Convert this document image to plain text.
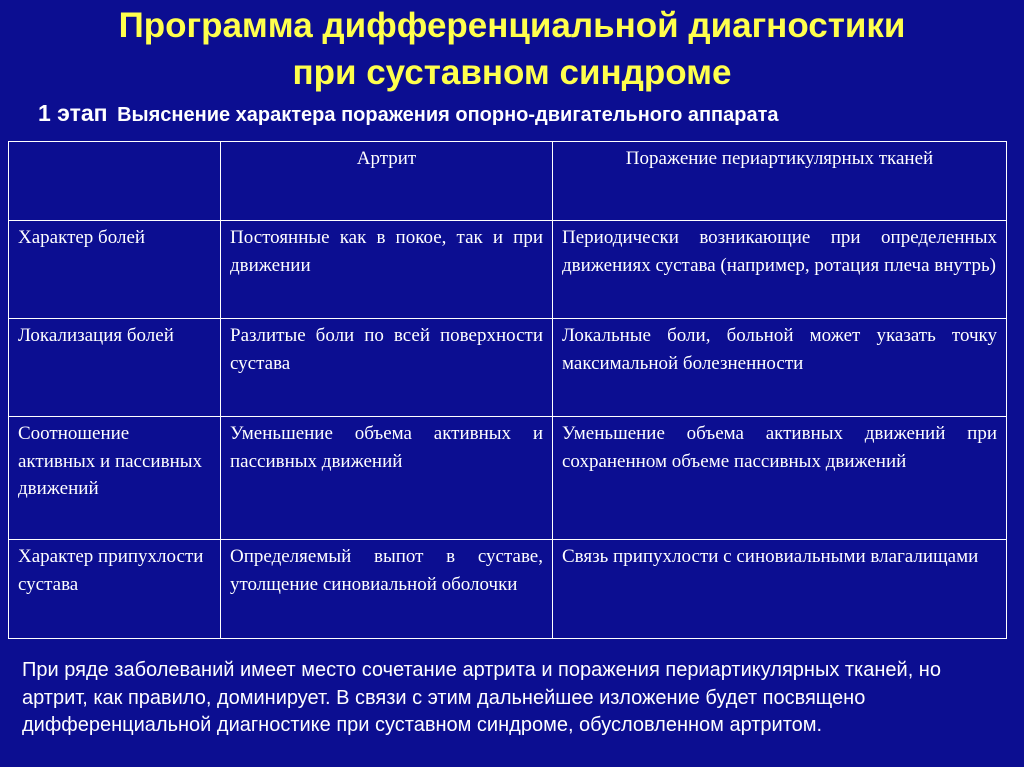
Программа дифференциальной диагностики
при суставном синдроме

1 этап Выяснение характера поражения опорно-двигательного аппарата

	Артрит	Поражение периартикулярных тканей
Характер болей	Постоянные как в покое, так и при движении	Периодически возникающие при определенных движениях сустава (например, ротация плеча внутрь)
Локализация болей	Разлитые боли по всей поверхности сустава	Локальные боли, больной может указать точку максимальной болезненности
Соотношение активных и пассивных движений	Уменьшение объема активных и пассивных движений	Уменьшение объема активных движений при сохраненном объеме пассивных движений
Характер припухлости сустава	Определяемый выпот в суставе, утолщение синовиальной оболочки	Связь припухлости с синовиальными влагалищами

При ряде заболеваний имеет место сочетание артрита и поражения периартикулярных тканей, но артрит, как правило, доминирует. В связи с этим дальнейшее изложение будет посвящено дифференциальной диагностике при суставном синдроме, обусловленном артритом.
